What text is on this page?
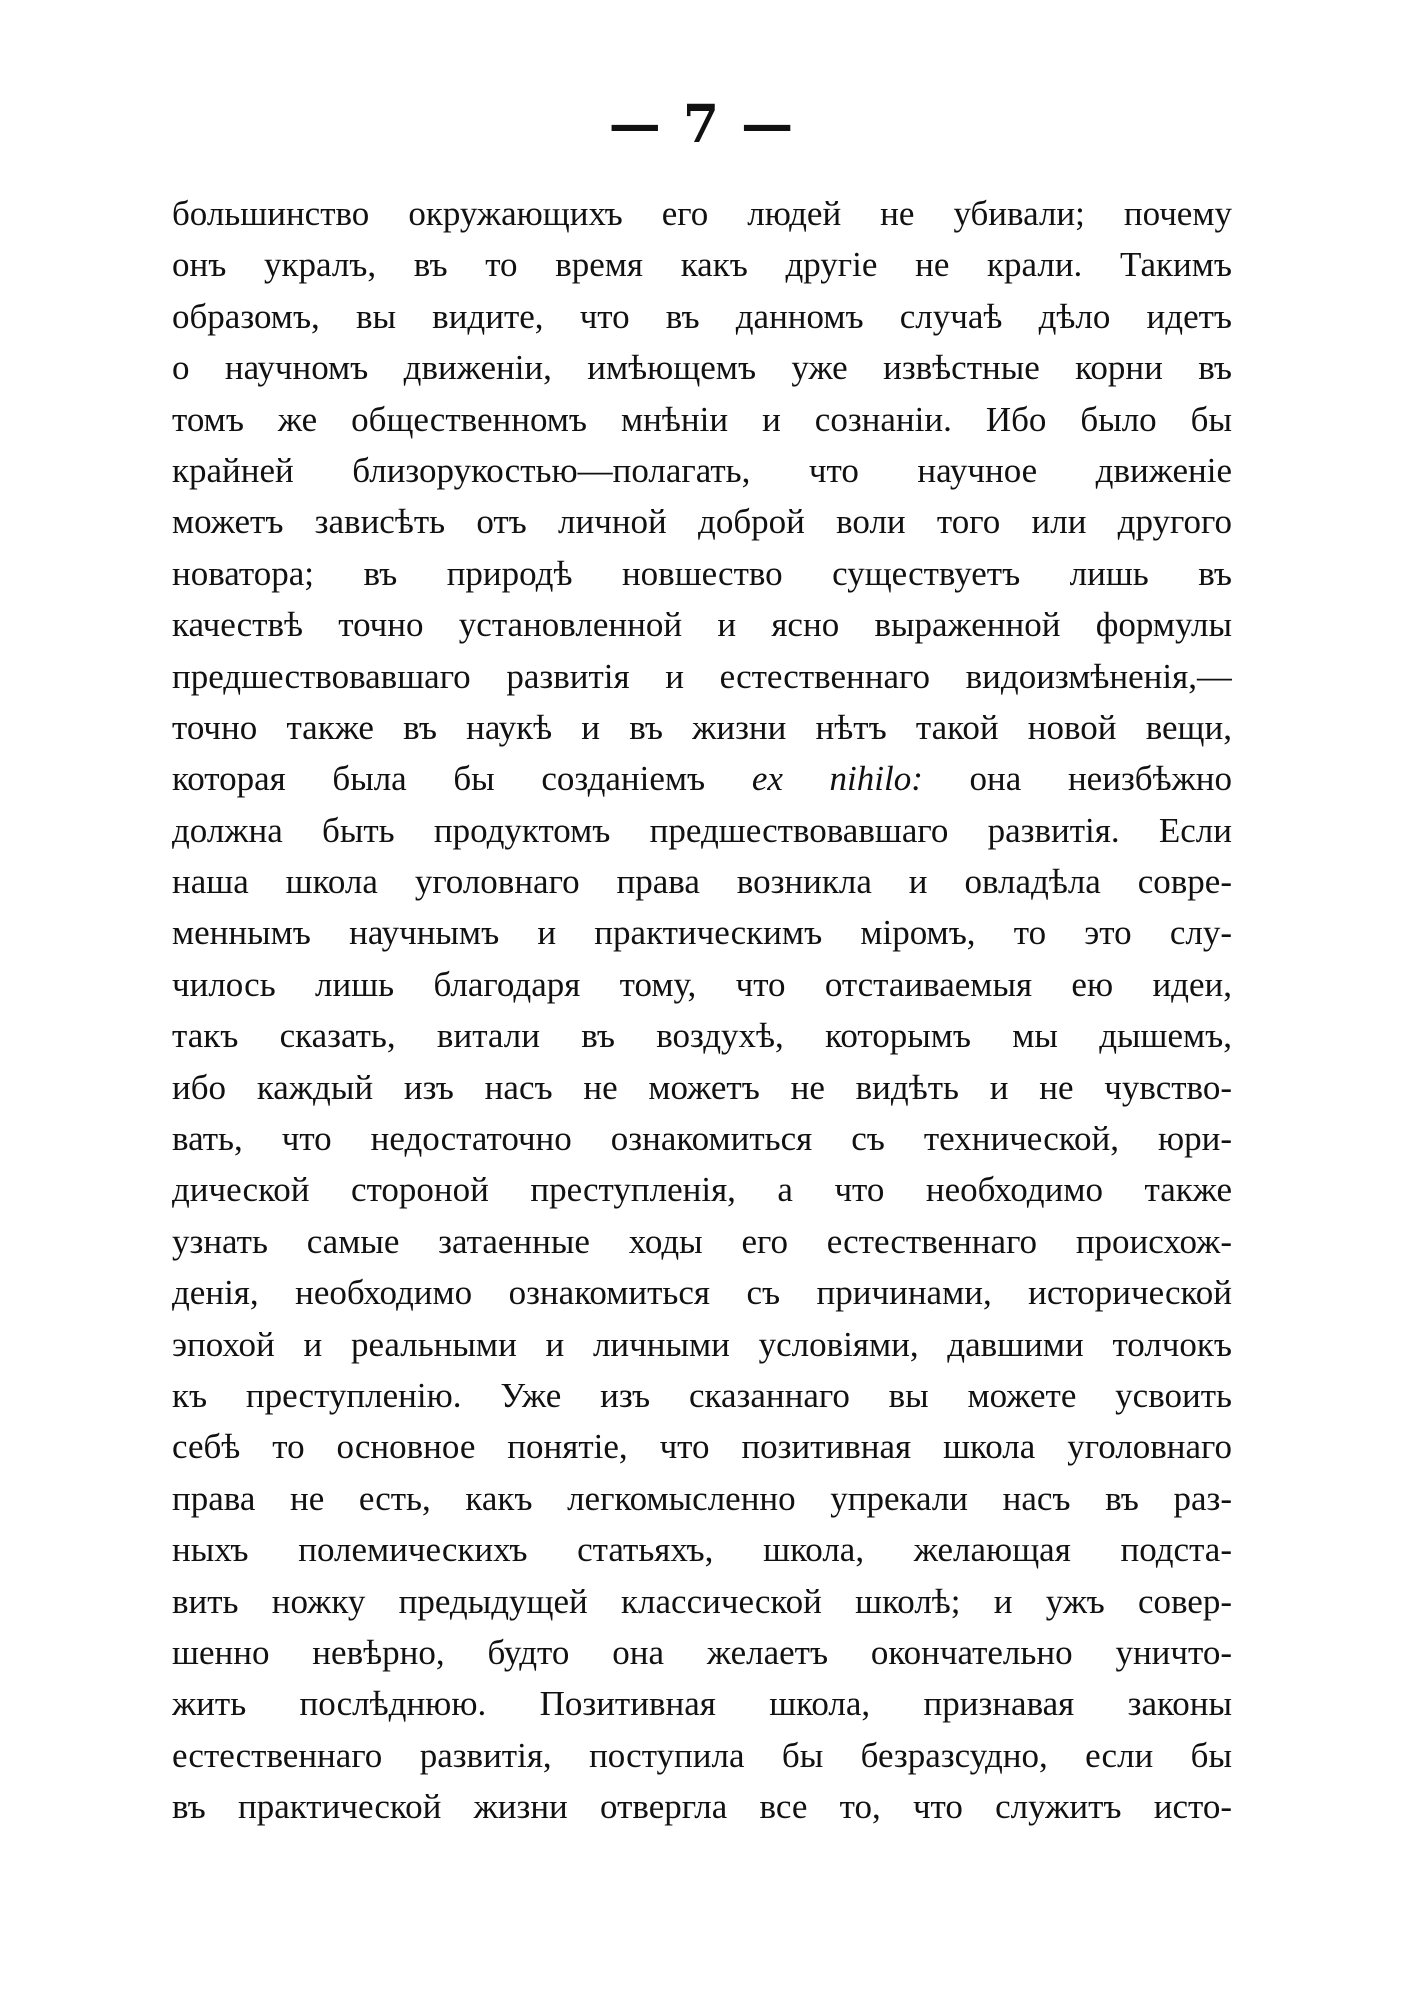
— 7 —
большинство окружающихъ его людей не убивали; почему
онъ укралъ, въ то время какъ другіе не крали. Такимъ
образомъ, вы видите, что въ данномъ случаѣ дѣло идетъ
о научномъ движеніи, имѣющемъ уже извѣстные корни въ
томъ же общественномъ мнѣніи и сознаніи. Ибо было бы
крайней близорукостью—полагать, что научное движеніе
можетъ зависѣть отъ личной доброй воли того или другого
новатора; въ природѣ новшество существуетъ лишь въ
качествѣ точно установленной и ясно выраженной формулы
предшествовавшаго развитія и естественнаго видоизмѣненія,—
точно также въ наукѣ и въ жизни нѣтъ такой новой вещи,
которая была бы созданіемъ ex nihilo: она неизбѣжно
должна быть продуктомъ предшествовавшаго развитія. Если
наша школа уголовнаго права возникла и овладѣла совре-
меннымъ научнымъ и практическимъ міромъ, то это слу-
чилось лишь благодаря тому, что отстаиваемыя ею идеи,
такъ сказать, витали въ воздухѣ, которымъ мы дышемъ,
ибо каждый изъ насъ не можетъ не видѣть и не чувство-
вать, что недостаточно ознакомиться съ технической, юри-
дической стороной преступленія, а что необходимо также
узнать самые затаенные ходы его естественнаго происхож-
денія, необходимо ознакомиться съ причинами, исторической
эпохой и реальными и личными условіями, давшими толчокъ
къ преступленію. Уже изъ сказаннаго вы можете усвоить
себѣ то основное понятіе, что позитивная школа уголовнаго
права не есть, какъ легкомысленно упрекали насъ въ раз-
ныхъ полемическихъ статьяхъ, школа, желающая подста-
вить ножку предыдущей классической школѣ; и ужъ совер-
шенно невѣрно, будто она желаетъ окончательно уничто-
жить послѣднюю. Позитивная школа, признавая законы
естественнаго развитія, поступила бы безразсудно, если бы
въ практической жизни отвергла все то, что служитъ исто-
